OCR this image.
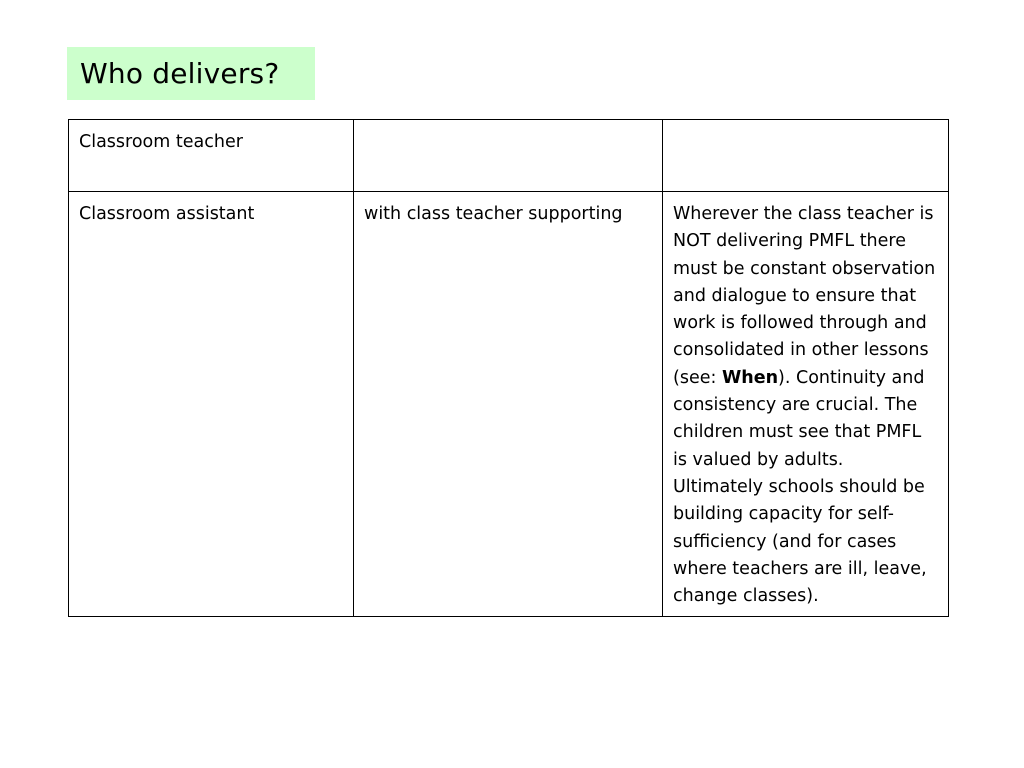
Who delivers?
Classroom teacher		
Classroom assistant	with class teacher supporting	Wherever the class teacher is NOT delivering PMFL there must be constant observation and dialogue to ensure that work is followed through and consolidated in other lessons (see: When). Continuity and consistency are crucial. The children must see that PMFL is valued by adults. Ultimately schools should be building capacity for self- sufficiency (and for cases where teachers are ill, leave, change classes).
